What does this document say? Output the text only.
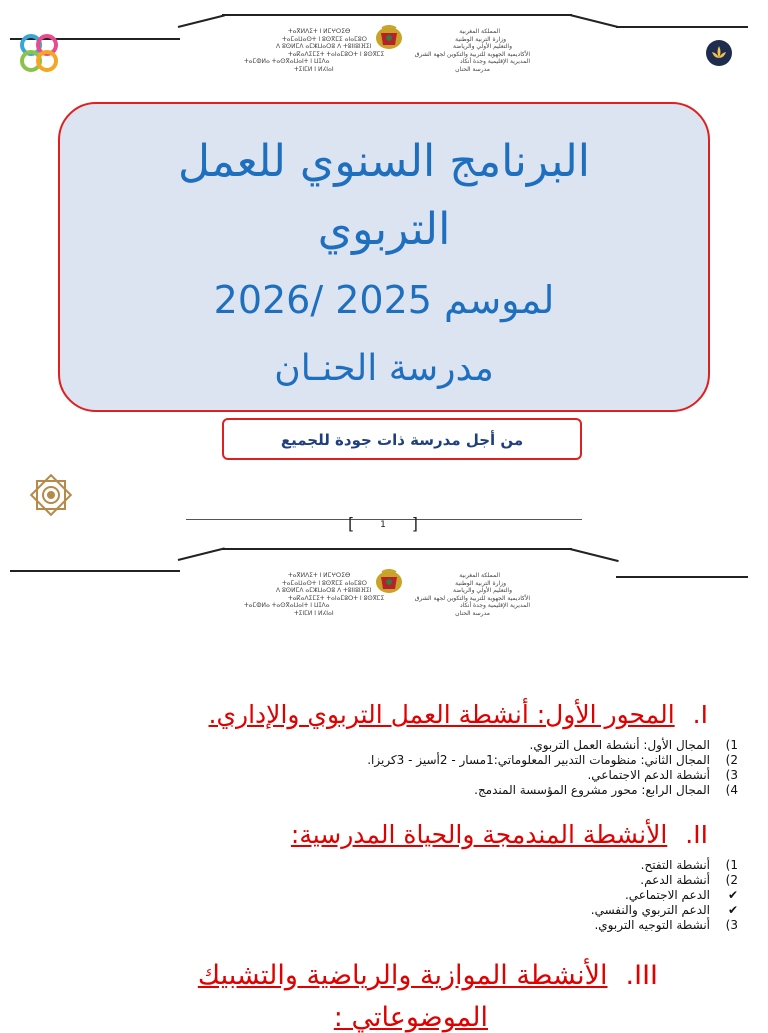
ⵜⴰⴳⵍⴷⵉⵜ ⵏ ⵍⵎⵖⵔⵉⴱ
ⵜⴰⵎⴰⵡⴰⵙⵜ ⵏ ⵓⵙⴳⵎⵉ ⴰⵏⴰⵎⵓⵔ
ⴷ ⵓⵙⵍⵎⴷ ⴰⵎⵣⵡⴰⵔⵓ ⴷ ⵜⵓⵏⵏⵓⵏⴼⵉⵏ
ⵜⴰⴽⴰⴷⵉⵎⵉⵜ ⵜⴰⵏⴰⵎⵓⵔⵜ ⵏ ⵓⵙⴳⵎⵉ
ⵜⴰⵎⵀⵍⴰ ⵜⴰⵙⴳⴰⵡⴰⵏⵜ ⵏ ⵡⵊⴷⴰ
ⵜⵉⵏⵎⵍ ⵏ ⵍⵃⵏⴰⵏ
المملكة المغربية
وزارة التربية الوطنية
والتعليم الأولي والرياضة
الأكاديمية الجهوية للتربية والتكوين لجهة الشرق
المديرية الإقليمية وجدة أنكاد
مدرسة الحنان
البرنامج السنوي للعمل
التربوي
لموسم 2025 /2026
مدرسة الحنـان
من أجل مدرسة ذات جودة للجميع
[	1	]
ⵜⴰⴳⵍⴷⵉⵜ ⵏ ⵍⵎⵖⵔⵉⴱ
ⵜⴰⵎⴰⵡⴰⵙⵜ ⵏ ⵓⵙⴳⵎⵉ ⴰⵏⴰⵎⵓⵔ
ⴷ ⵓⵙⵍⵎⴷ ⴰⵎⵣⵡⴰⵔⵓ ⴷ ⵜⵓⵏⵏⵓⵏⴼⵉⵏ
ⵜⴰⴽⴰⴷⵉⵎⵉⵜ ⵜⴰⵏⴰⵎⵓⵔⵜ ⵏ ⵓⵙⴳⵎⵉ
ⵜⴰⵎⵀⵍⴰ ⵜⴰⵙⴳⴰⵡⴰⵏⵜ ⵏ ⵡⵊⴷⴰ
ⵜⵉⵏⵎⵍ ⵏ ⵍⵃⵏⴰⵏ
المملكة المغربية
وزارة التربية الوطنية
والتعليم الأولي والرياضة
الأكاديمية الجهوية للتربية والتكوين لجهة الشرق
المديرية الإقليمية وجدة أنكاد
مدرسة الحنان
I.المحور الأول: أنشطة العمل التربوي والإداري.
1)المجال الأول: أنشطة العمل التربوي.
2)المجال الثاني: منظومات التدبير المعلوماتي:1مسار - 2أسيز - 3كريزا.
3)أنشطة الدعم الاجتماعي.
4)المجال الرابع: محور مشروع المؤسسة المندمج.
II.الأنشطة المندمجة والحياة المدرسية:
1)أنشطة التفتح.
2)أنشطة الدعم.
✔الدعم الاجتماعي.
✔الدعم التربوي والنفسي.
3)أنشطة التوجيه التربوي.
III.الأنشطة الموازية والرياضية والتشبيك
الموضوعاتي :
